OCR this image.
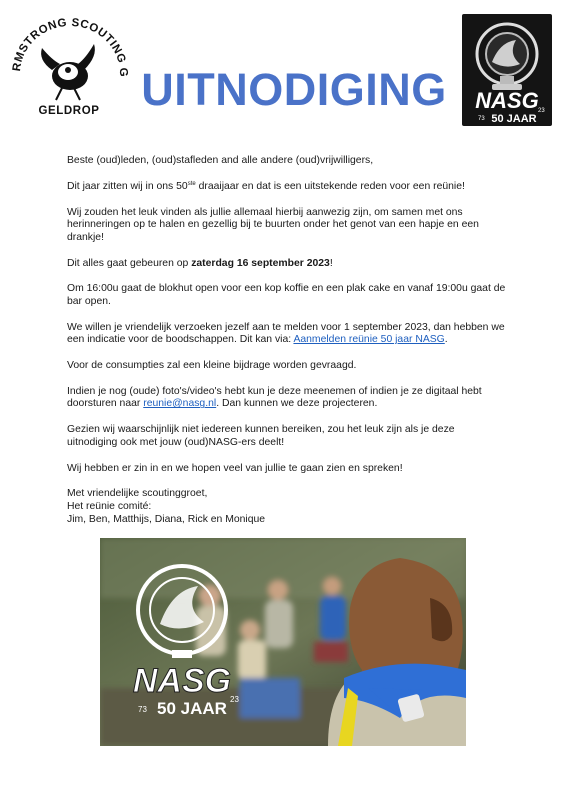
RMSTRONG SCOUTING G
GELDROP	NASG
50 JAAR
73
23
UITNODIGING

Beste (oud)leden, (oud)stafleden and alle andere (oud)vrijwilligers,

Dit jaar zitten wij in ons 50ste draaijaar en dat is een uitstekende reden voor een reünie!

Wij zouden het leuk vinden als jullie allemaal hierbij aanwezig zijn, om samen met ons herinneringen op te halen en gezellig bij te buurten onder het genot van een hapje en een drankje!

Dit alles gaat gebeuren op zaterdag 16 september 2023!

Om 16:00u gaat de blokhut open voor een kop koffie en een plak cake en vanaf 19:00u gaat de bar open.

We willen je vriendelijk verzoeken jezelf aan te melden voor 1 september 2023, dan hebben we een indicatie voor de boodschappen. Dit kan via: Aanmelden reünie 50 jaar NASG.

Voor de consumpties zal een kleine bijdrage worden gevraagd.

Indien je nog (oude) foto's/video's hebt kun je deze meenemen of indien je ze digitaal hebt doorsturen naar reunie@nasg.nl. Dan kunnen we deze projecteren.

Gezien wij waarschijnlijk niet iedereen kunnen bereiken, zou het leuk zijn als je deze uitnodiging ook met jouw (oud)NASG-ers deelt!

Wij hebben er zin in en we hopen veel van jullie te gaan zien en spreken!

Met vriendelijke scoutinggroet,
Het reünie comité:
Jim, Ben, Matthijs, Diana, Rick en Monique

NASG
50 JAAR
73
23
